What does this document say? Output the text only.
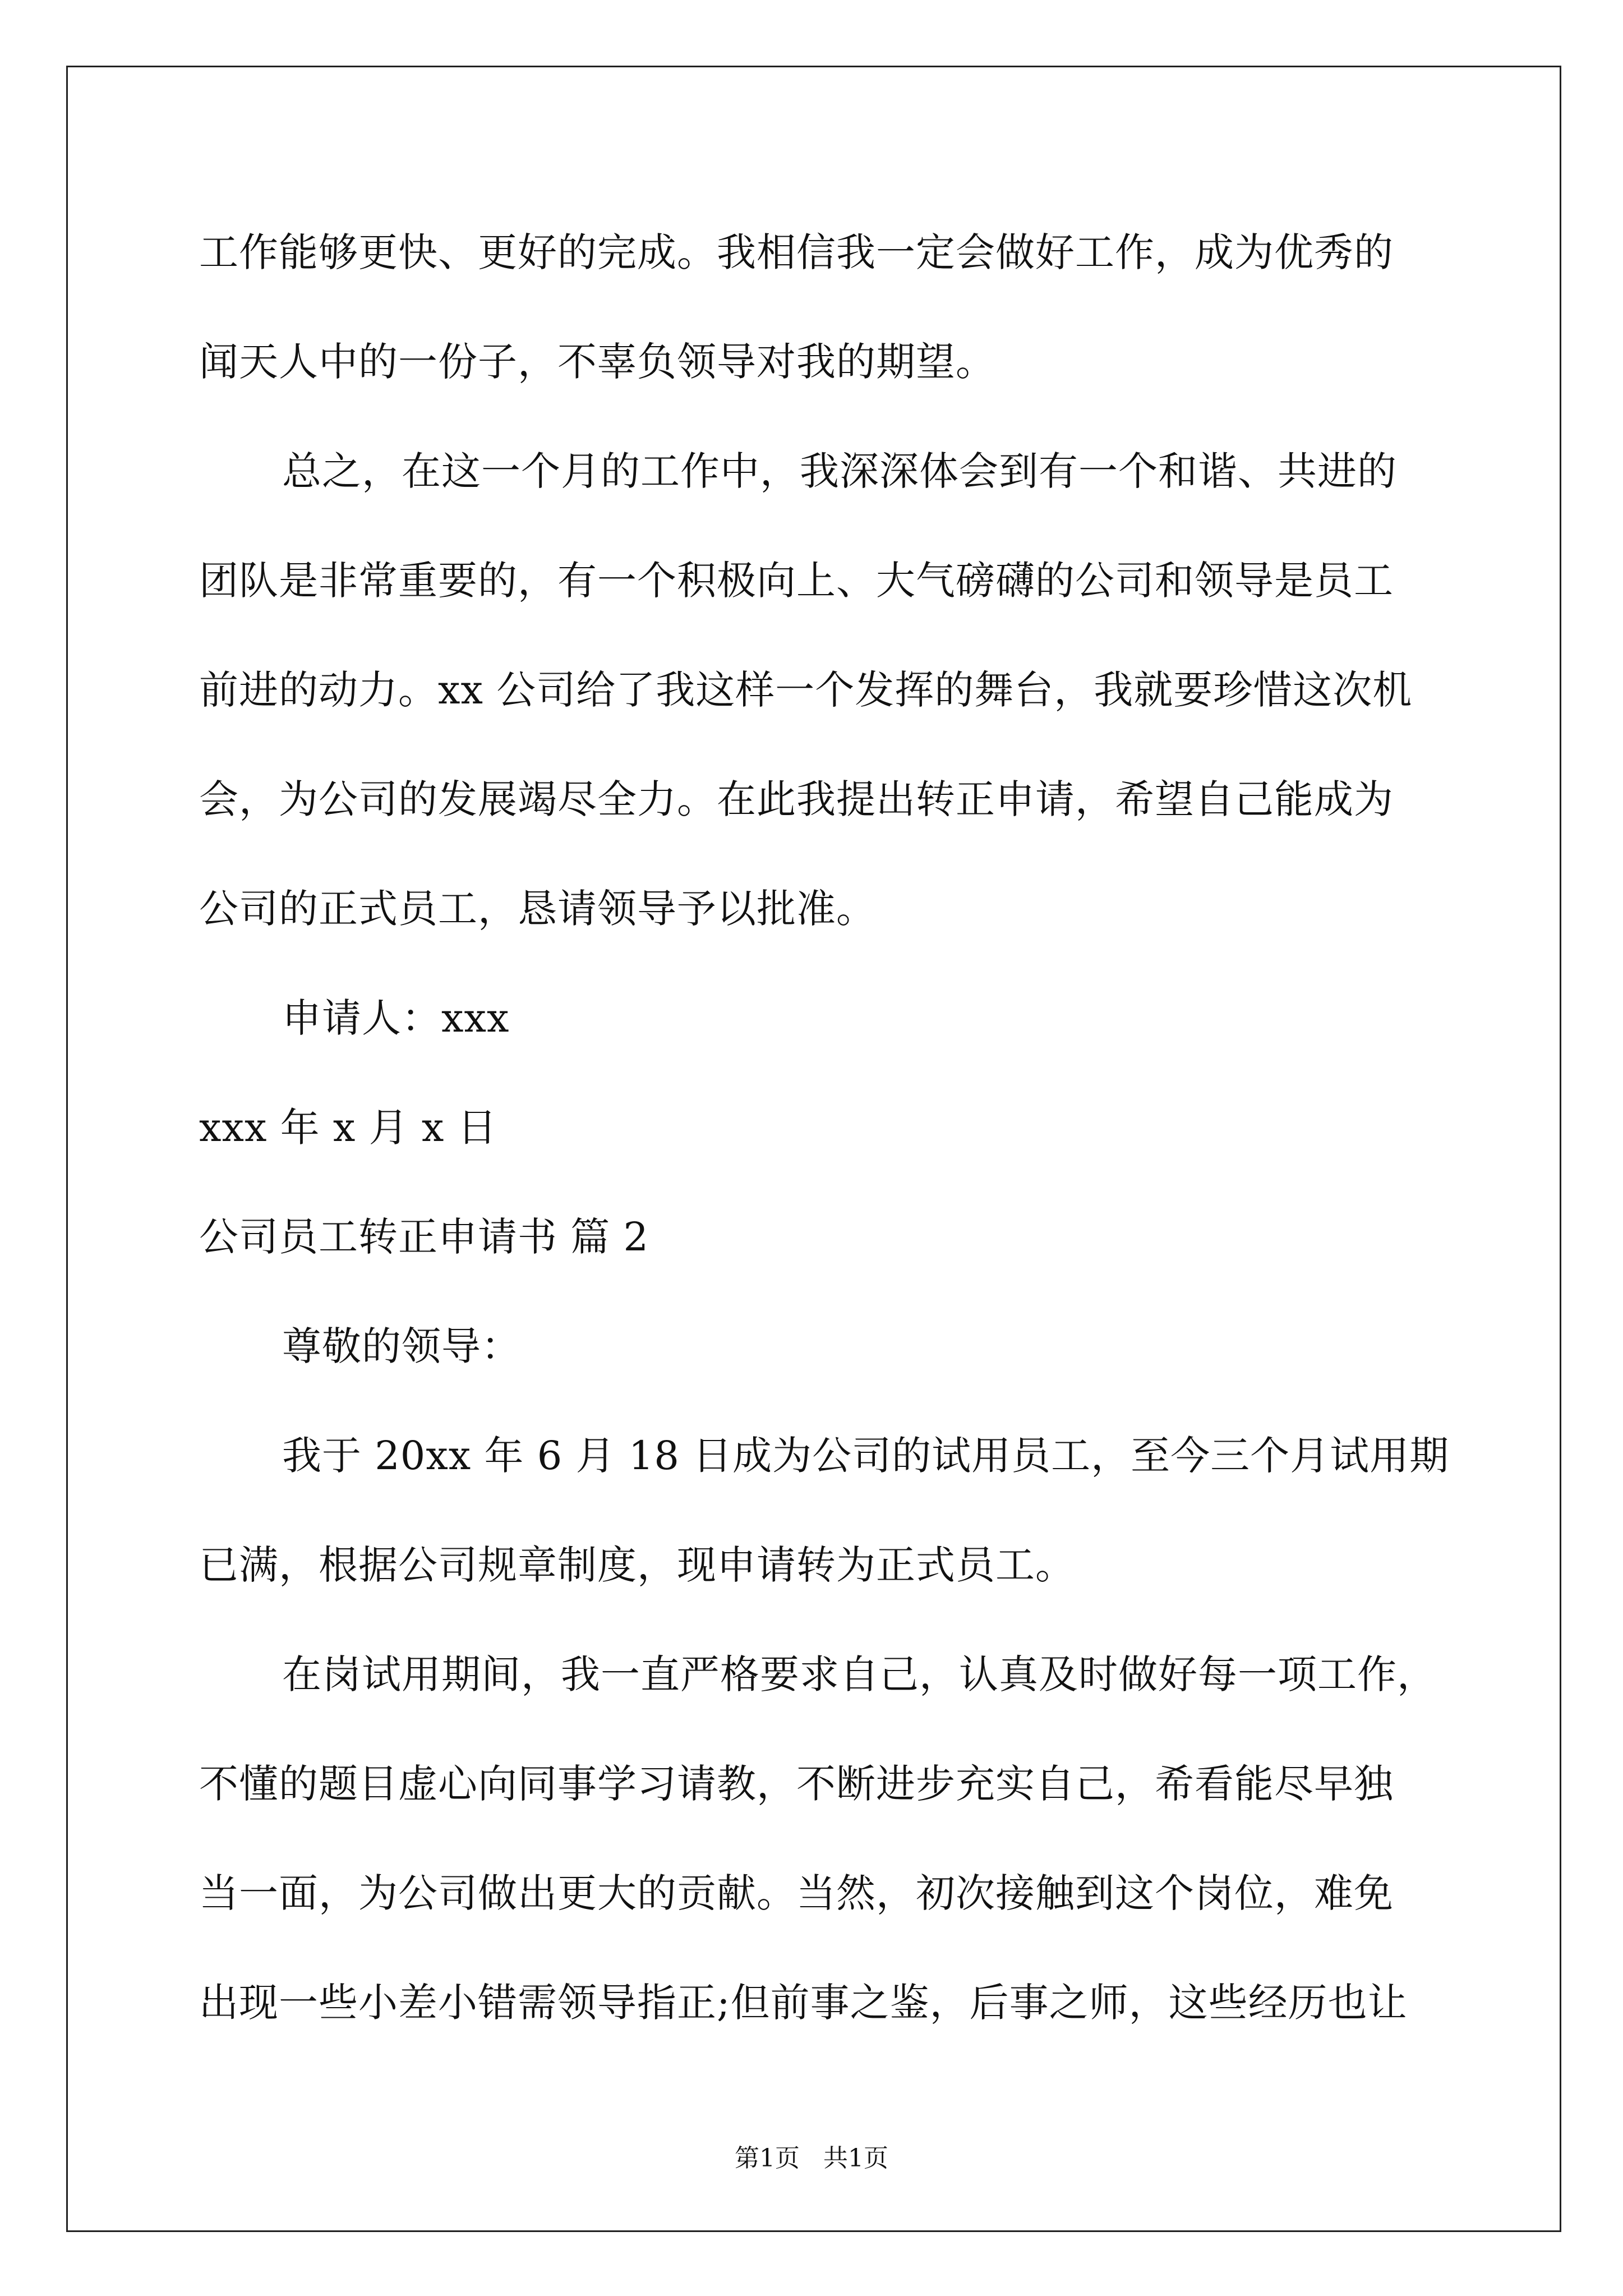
工作能够更快、更好的完成。我相信我一定会做好工作，成为优秀的
闻天人中的一份子，不辜负领导对我的期望。
总之，在这一个月的工作中，我深深体会到有一个和谐、共进的
团队是非常重要的，有一个积极向上、大气磅礴的公司和领导是员工
前进的动力。xx 公司给了我这样一个发挥的舞台，我就要珍惜这次机
会，为公司的发展竭尽全力。在此我提出转正申请，希望自己能成为
公司的正式员工，恳请领导予以批准。
申请人：xxx
xxx 年 x 月 x 日
公司员工转正申请书 篇 2
尊敬的领导：
我于 20xx 年 6 月 18 日成为公司的试用员工，至今三个月试用期
已满，根据公司规章制度，现申请转为正式员工。
在岗试用期间，我一直严格要求自己，认真及时做好每一项工作，
不懂的题目虚心向同事学习请教，不断进步充实自己，希看能尽早独
当一面，为公司做出更大的贡献。当然，初次接触到这个岗位，难免
出现一些小差小错需领导指正;但前事之鉴，后事之师，这些经历也让
第1页   共1页
